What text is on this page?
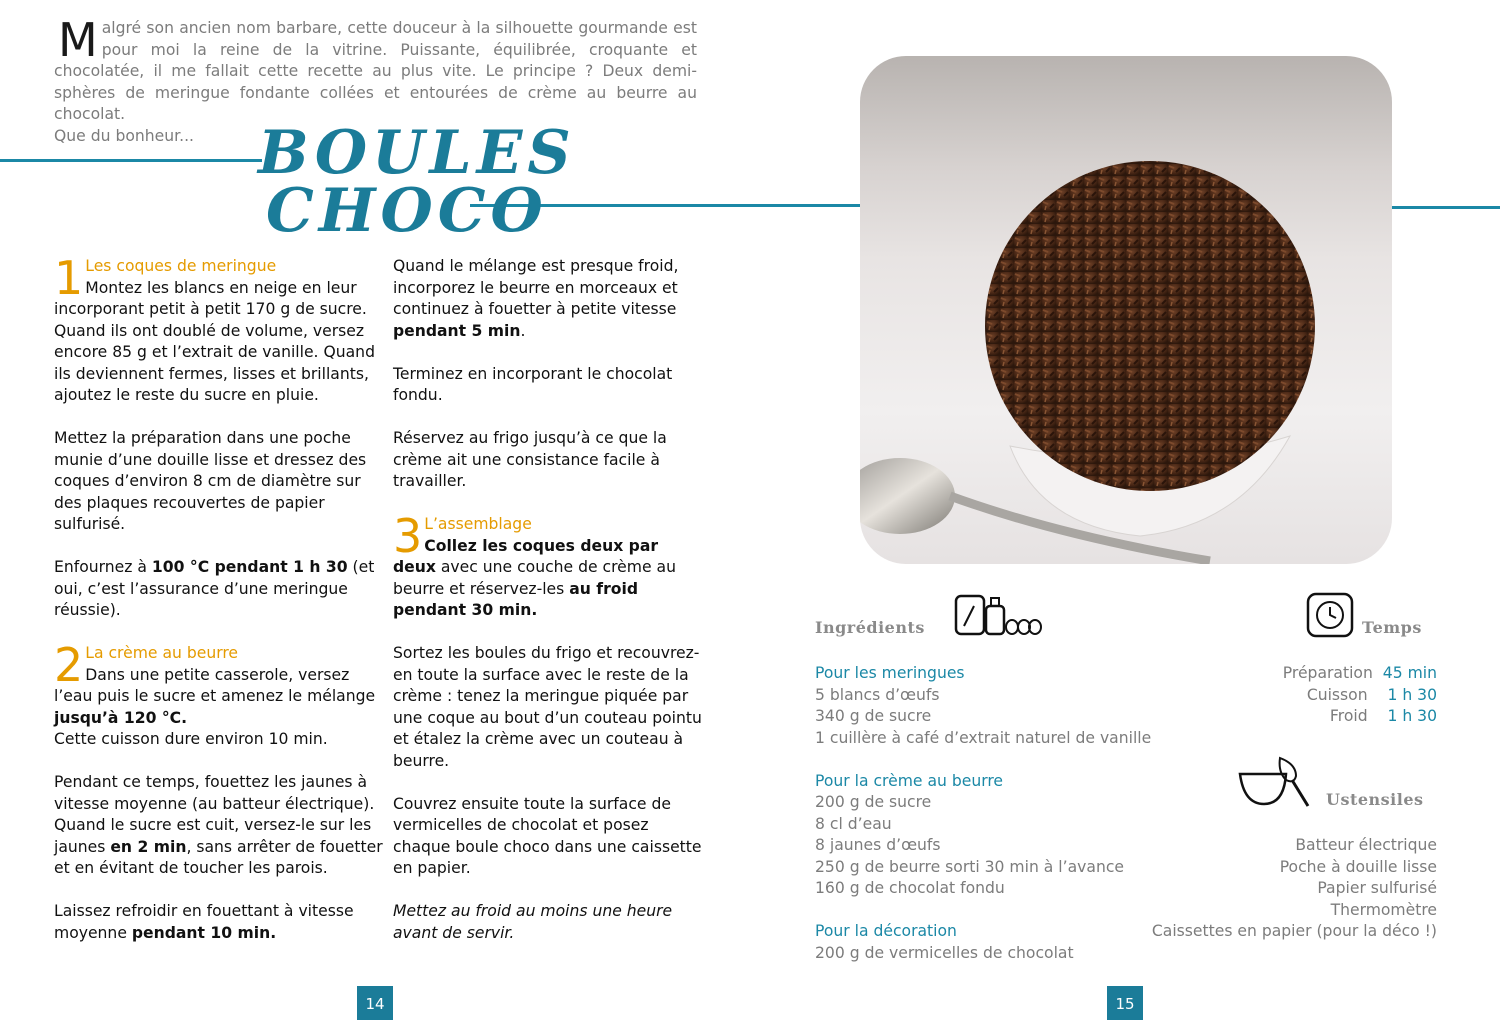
Malgré son ancien nom barbare, cette douceur à la silhouette gourmande est pour moi la reine de la vitrine. Puissante, équilibrée, croquante et chocolatée, il me fallait cette recette au plus vite. Le principe ? Deux demi-sphères de meringue fondante collées et entourées de crème au beurre au chocolat.
Que du bonheur...	BOULES
CHOCO

1 Les coques de meringue
Montez les blancs en neige en leur incorporant petit à petit 170 g de sucre. Quand ils ont doublé de volume, versez encore 85 g et l’extrait de vanille. Quand ils deviennent fermes, lisses et brillants, ajoutez le reste du sucre en pluie.

Mettez la préparation dans une poche munie d’une douille lisse et dressez des coques d’environ 8 cm de diamètre sur des plaques recouvertes de papier sulfurisé.

Enfournez à 100 °C pendant 1 h 30 (et oui, c’est l’assurance d’une meringue réussie).

2 La crème au beurre
Dans une petite casserole, versez l’eau puis le sucre et amenez le mélange jusqu’à 120 °C.
Cette cuisson dure environ 10 min.

Pendant ce temps, fouettez les jaunes à vitesse moyenne (au batteur électrique). Quand le sucre est cuit, versez-le sur les jaunes en 2 min, sans arrêter de fouetter et en évitant de toucher les parois.

Laissez refroidir en fouettant à vitesse moyenne pendant 10 min.

Quand le mélange est presque froid, incorporez le beurre en morceaux et continuez à fouetter à petite vitesse pendant 5 min.

Terminez en incorporant le chocolat fondu.

Réservez au frigo jusqu’à ce que la crème ait une consistance facile à travailler.

3 L’assemblage
Collez les coques deux par deux avec une couche de crème au beurre et réservez-les au froid pendant 30 min.

Sortez les boules du frigo et recouvrez-en toute la surface avec le reste de la crème : tenez la meringue piquée par une coque au bout d’un couteau pointu et étalez la crème avec un couteau à beurre.

Couvrez ensuite toute la surface de vermicelles de chocolat et posez chaque boule choco dans une caissette en papier.

Mettez au froid au moins une heure avant de servir.

Ingrédients
Pour les meringues
5 blancs d’œufs
340 g de sucre
1 cuillère à café d’extrait naturel de vanille
Pour la crème au beurre
200 g de sucre
8 cl d’eau
8 jaunes d’œufs
250 g de beurre sorti 30 min à l’avance
160 g de chocolat fondu
Pour la décoration
200 g de vermicelles de chocolat
Temps
Préparation 45 min
Cuisson 1 h 30
Froid 1 h 30
Ustensiles
Batteur électrique
Poche à douille lisse
Papier sulfurisé
Thermomètre
Caissettes en papier (pour la déco !)
14	15
